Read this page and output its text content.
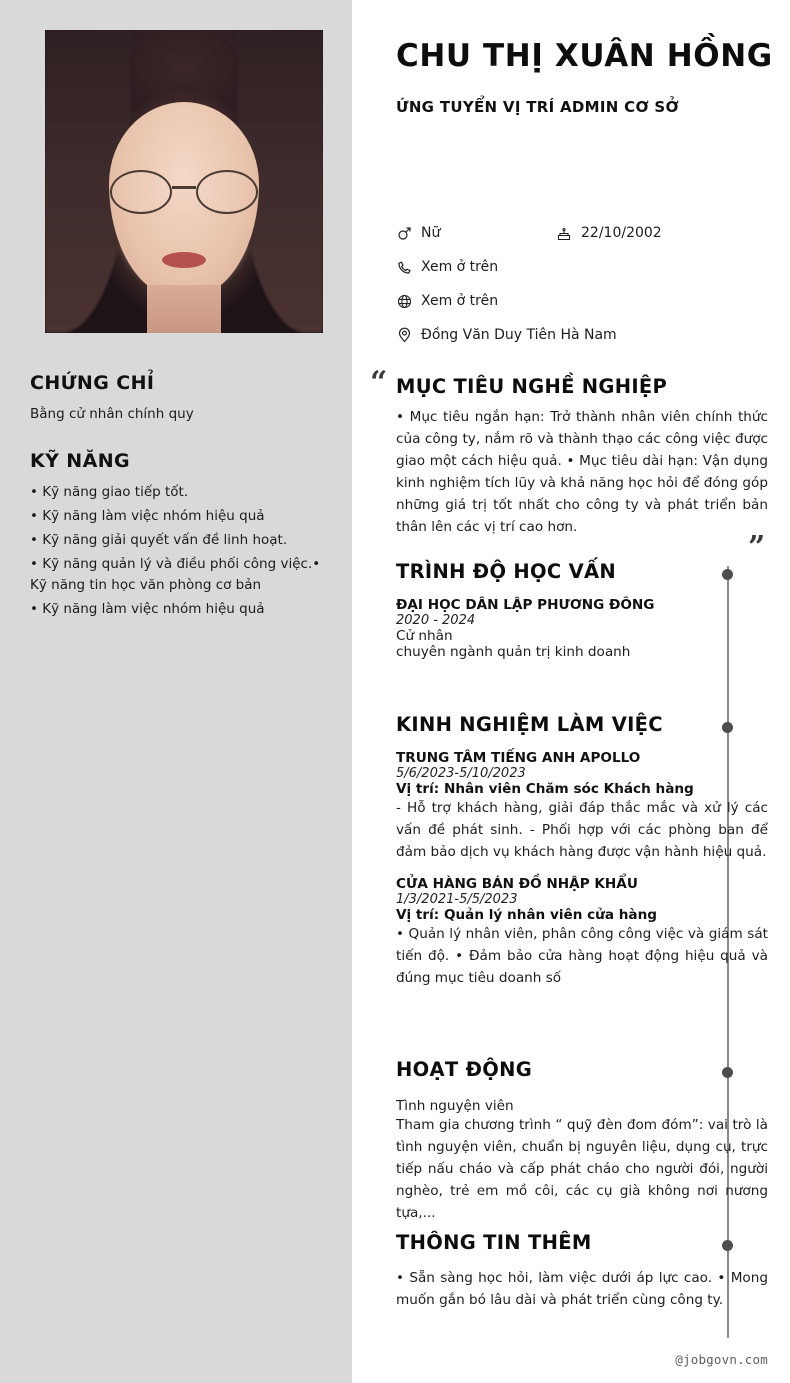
CHỨNG CHỈ

Bằng cử nhân chính quy

KỸ NĂNG

• Kỹ năng giao tiếp tốt.

• Kỹ năng làm việc nhóm hiệu quả

• Kỹ năng giải quyết vấn đề linh hoạt.

• Kỹ năng quản lý và điều phối công việc.• Kỹ năng tin học văn phòng cơ bản

• Kỹ năng làm việc nhóm hiệu quả

CHU THỊ XUÂN HỒNG
ỨNG TUYỂN VỊ TRÍ ADMIN CƠ SỞ
Nữ	22/10/2002
Xem ở trên
Xem ở trên
Đồng Văn Duy Tiên Hà Nam
“
”
MỤC TIÊU NGHỀ NGHIỆP

• Mục tiêu ngắn hạn: Trở thành nhân viên chính thức của công ty, nắm rõ và thành thạo các công việc được giao một cách hiệu quả. • Mục tiêu dài hạn: Vận dụng kinh nghiệm tích lũy và khả năng học hỏi để đóng góp những giá trị tốt nhất cho công ty và phát triển bản thân lên các vị trí cao hơn.

TRÌNH ĐỘ HỌC VẤN
ĐẠI HỌC DÂN LẬP PHƯƠNG ĐÔNG
2020 - 2024
Cử nhân
chuyên ngành quản trị kinh doanh
KINH NGHIỆM LÀM VIỆC
TRUNG TÂM TIẾNG ANH APOLLO
5/6/2023-5/10/2023
Vị trí: Nhân viên Chăm sóc Khách hàng

- Hỗ trợ khách hàng, giải đáp thắc mắc và xử lý các vấn đề phát sinh. - Phối hợp với các phòng ban để đảm bảo dịch vụ khách hàng được vận hành hiệu quả.

CỬA HÀNG BÁN ĐỒ NHẬP KHẨU
1/3/2021-5/5/2023
Vị trí: Quản lý nhân viên cửa hàng

• Quản lý nhân viên, phân công công việc và giám sát tiến độ. • Đảm bảo cửa hàng hoạt động hiệu quả và đúng mục tiêu doanh số

HOẠT ĐỘNG
Tình nguyện viên

Tham gia chương trình “ quỹ đèn đom đóm”: vai trò là tình nguyện viên, chuẩn bị nguyên liệu, dụng cụ, trực tiếp nấu cháo và cấp phát cháo cho người đói, người nghèo, trẻ em mồ côi, các cụ già không nơi nương tựa,...

THÔNG TIN THÊM

• Sẵn sàng học hỏi, làm việc dưới áp lực cao. • Mong muốn gắn bó lâu dài và phát triển cùng công ty.

@jobgovn.com
